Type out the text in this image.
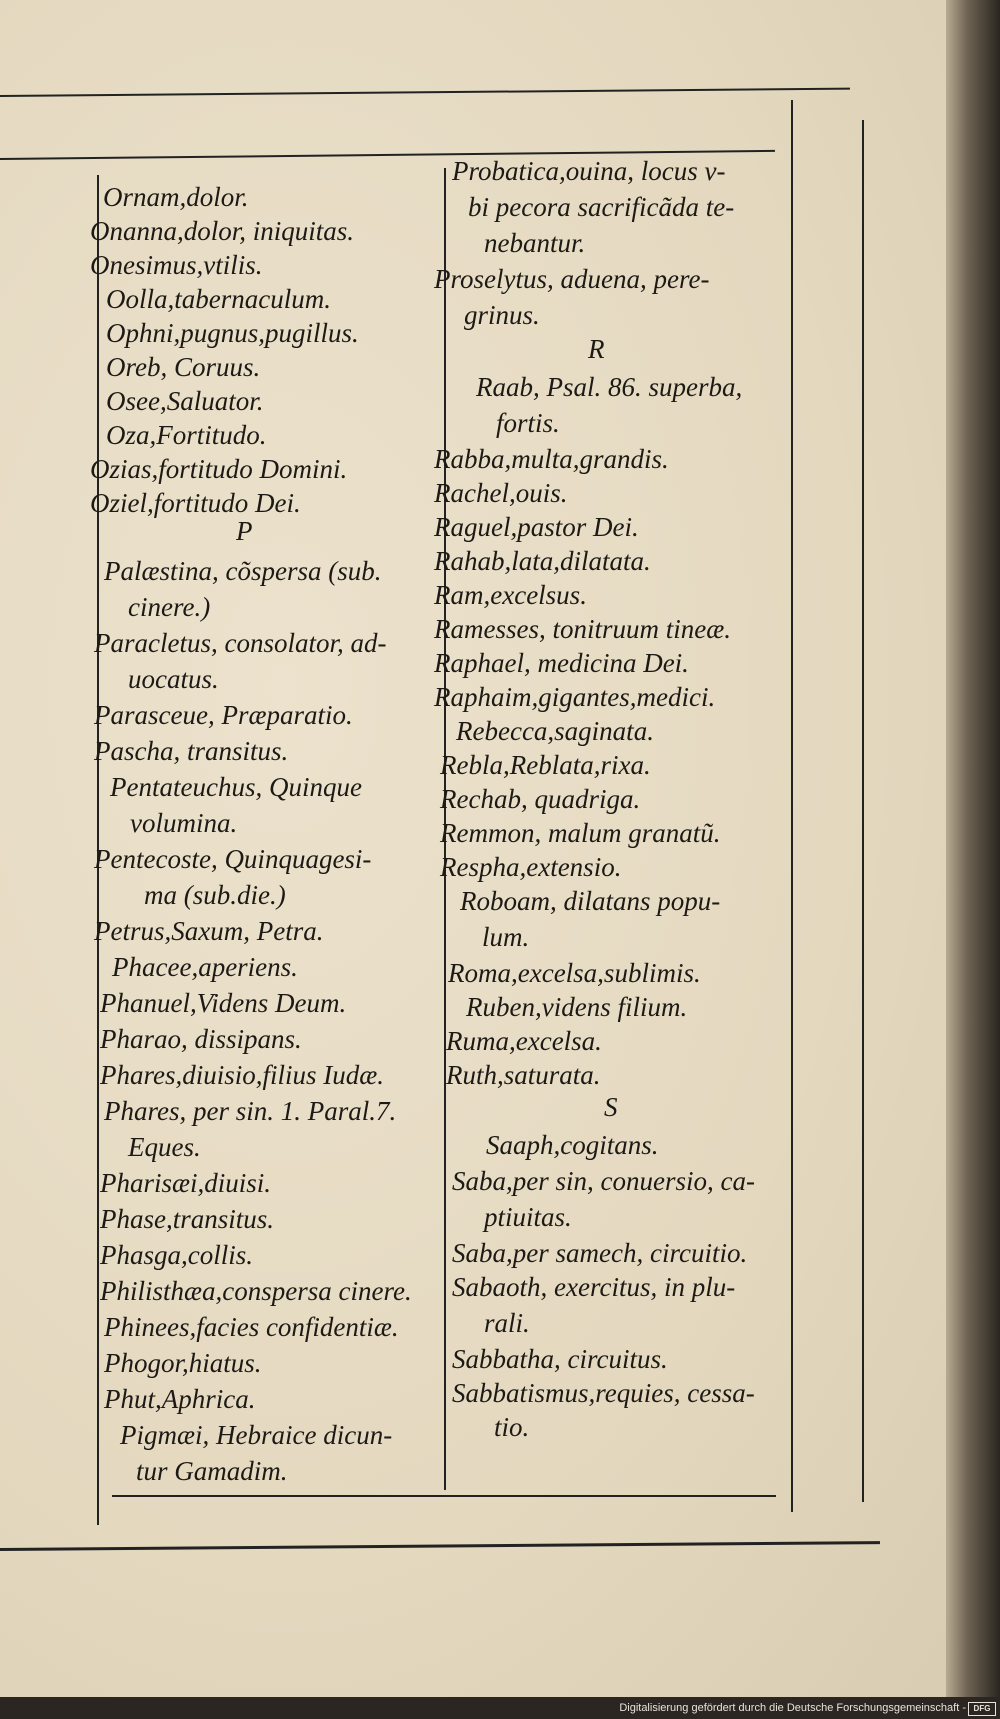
Ornam,dolor.
Onanna,dolor, iniquitas.
Onesimus,vtilis.
Oolla,tabernaculum.
Ophni,pugnus,pugillus.
Oreb, Coruus.
Osee,Saluator.
Oza,Fortitudo.
Ozias,fortitudo Domini.
Oziel,fortitudo Dei.
P
Palæstina, cõspersa (sub.
cinere.)
Paracletus, consolator, ad-
uocatus.
Parasceue, Præparatio.
Pascha, transitus.
Pentateuchus, Quinque
volumina.
Pentecoste, Quinquagesi-
ma (sub.die.)
Petrus,Saxum, Petra.
Phacee,aperiens.
Phanuel,Videns Deum.
Pharao, dissipans.
Phares,diuisio,filius Iudæ.
Phares, per sin. 1. Paral.7.
Eques.
Pharisæi,diuisi.
Phase,transitus.
Phasga,collis.
Philisthæa,conspersa cinere.
Phinees,facies confidentiæ.
Phogor,hiatus.
Phut,Aphrica.
Pigmæi, Hebraice dicun-
tur Gamadim.
Probatica,ouina, locus v-
bi pecora sacrificãda te-
nebantur.
Proselytus, aduena, pere-
grinus.
R
Raab, Psal. 86. superba,
fortis.
Rabba,multa,grandis.
Rachel,ouis.
Raguel,pastor Dei.
Rahab,lata,dilatata.
Ram,excelsus.
Ramesses, tonitruum tineæ.
Raphael, medicina Dei.
Raphaim,gigantes,medici.
Rebecca,saginata.
Rebla,Reblata,rixa.
Rechab, quadriga.
Remmon, malum granatũ.
Respha,extensio.
Roboam, dilatans popu-
lum.
Roma,excelsa,sublimis.
Ruben,videns filium.
Ruma,excelsa.
Ruth,saturata.
S
Saaph,cogitans.
Saba,per sin, conuersio, ca-
ptiuitas.
Saba,per samech, circuitio.
Sabaoth, exercitus, in plu-
rali.
Sabbatha, circuitus.
Sabbatismus,requies, cessa-
tio.
Digitalisierung gefördert durch die Deutsche Forschungsgemeinschaft - DFG
